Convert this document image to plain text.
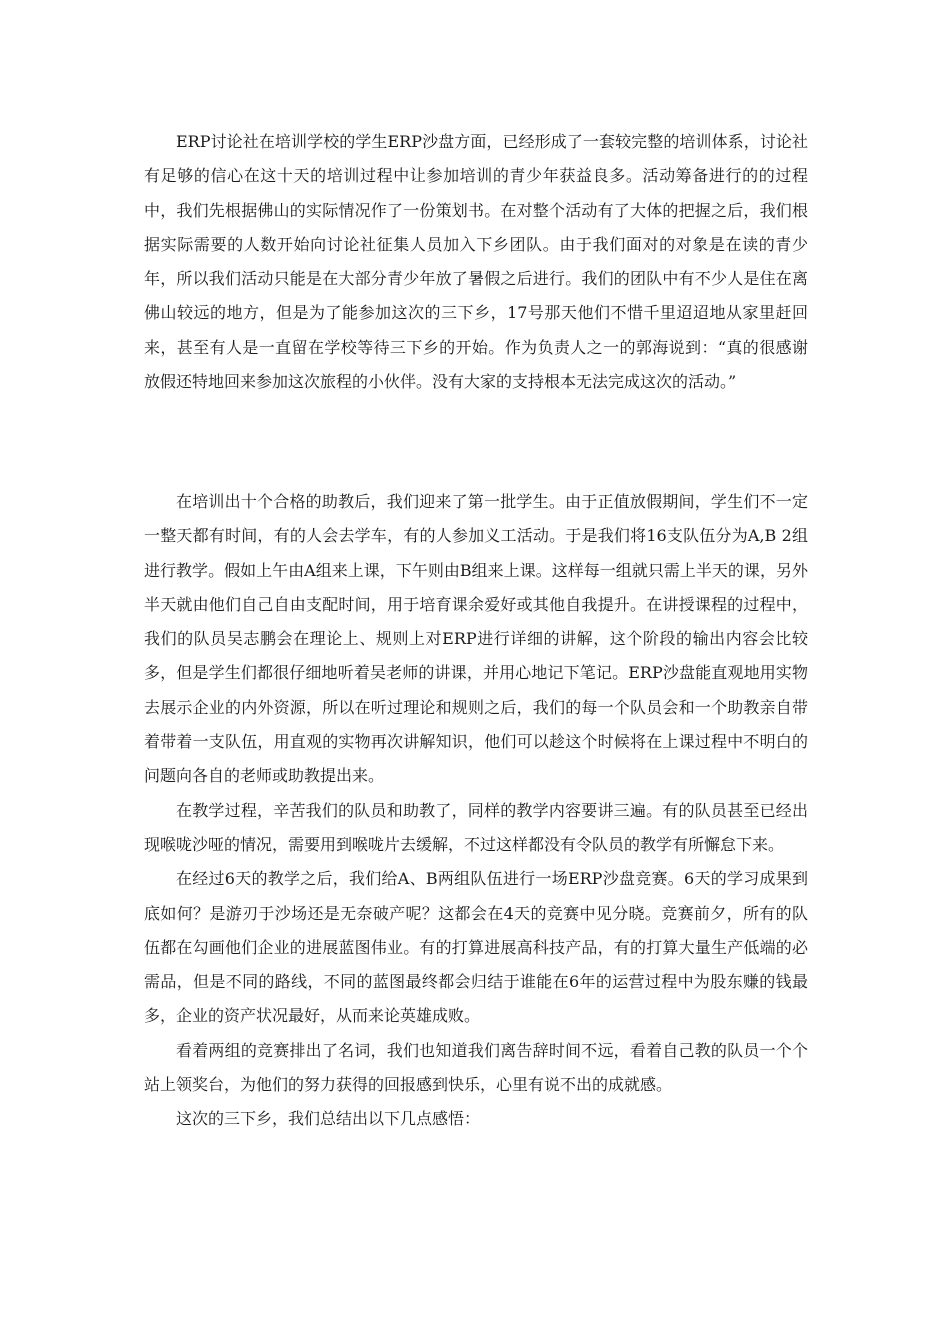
ERP讨论社在培训学校的学生ERP沙盘方面，已经形成了一套较完整的培训体系，讨论社有足够的信心在这十天的培训过程中让参加培训的青少年获益良多。活动筹备进行的的过程中，我们先根据佛山的实际情况作了一份策划书。在对整个活动有了大体的把握之后，我们根据实际需要的人数开始向讨论社征集人员加入下乡团队。由于我们面对的对象是在读的青少年，所以我们活动只能是在大部分青少年放了暑假之后进行。我们的团队中有不少人是住在离佛山较远的地方，但是为了能参加这次的三下乡，17号那天他们不惜千里迢迢地从家里赶回来，甚至有人是一直留在学校等待三下乡的开始。作为负责人之一的郭海说到：“真的很感谢放假还特地回来参加这次旅程的小伙伴。没有大家的支持根本无法完成这次的活动。”

在培训出十个合格的助教后，我们迎来了第一批学生。由于正值放假期间，学生们不一定一整天都有时间，有的人会去学车，有的人参加义工活动。于是我们将16支队伍分为A,B 2组进行教学。假如上午由A组来上课，下午则由B组来上课。这样每一组就只需上半天的课，另外半天就由他们自己自由支配时间，用于培育课余爱好或其他自我提升。在讲授课程的过程中，我们的队员吴志鹏会在理论上、规则上对ERP进行详细的讲解，这个阶段的输出内容会比较多，但是学生们都很仔细地听着吴老师的讲课，并用心地记下笔记。ERP沙盘能直观地用实物去展示企业的内外资源，所以在听过理论和规则之后，我们的每一个队员会和一个助教亲自带着带着一支队伍，用直观的实物再次讲解知识，他们可以趁这个时候将在上课过程中不明白的问题向各自的老师或助教提出来。

在教学过程，辛苦我们的队员和助教了，同样的教学内容要讲三遍。有的队员甚至已经出现喉咙沙哑的情况，需要用到喉咙片去缓解，不过这样都没有令队员的教学有所懈怠下来。

在经过6天的教学之后，我们给A、B两组队伍进行一场ERP沙盘竞赛。6天的学习成果到底如何？是游刃于沙场还是无奈破产呢？这都会在4天的竞赛中见分晓。竞赛前夕，所有的队伍都在勾画他们企业的进展蓝图伟业。有的打算进展高科技产品，有的打算大量生产低端的必需品，但是不同的路线，不同的蓝图最终都会归结于谁能在6年的运营过程中为股东赚的钱最多，企业的资产状况最好，从而来论英雄成败。

看着两组的竞赛排出了名词，我们也知道我们离告辞时间不远，看着自己教的队员一个个站上领奖台，为他们的努力获得的回报感到快乐，心里有说不出的成就感。

这次的三下乡，我们总结出以下几点感悟：
